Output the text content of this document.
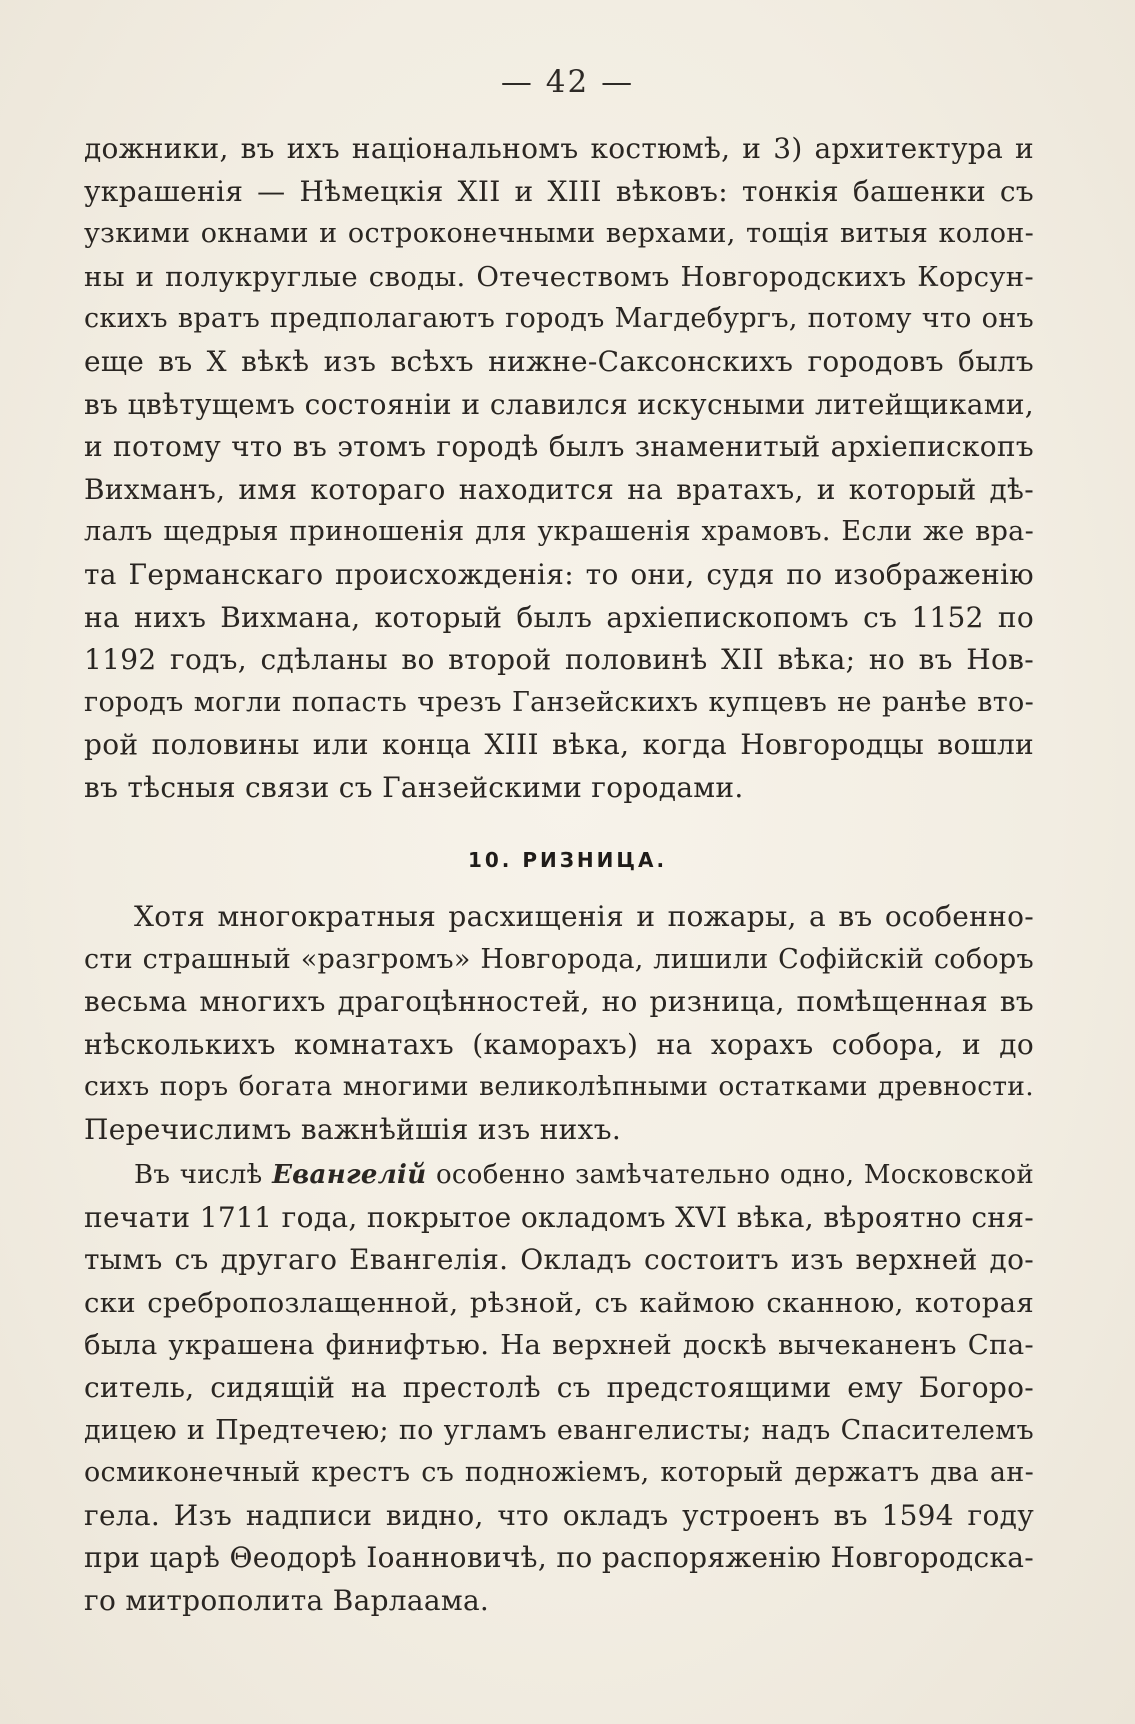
— 42 —
дожники, въ ихъ національномъ костюмѣ, и 3) архитектура и
украшенія — Нѣмецкія XII и XIII вѣковъ: тонкія башенки съ
узкими окнами и остроконечными верхами, тощія витыя колон-
ны и полукруглые своды. Отечествомъ Новгородскихъ Корсун-
скихъ вратъ предполагаютъ городъ Магдебургъ, потому что онъ
еще въ X вѣкѣ изъ всѣхъ нижне-Саксонскихъ городовъ былъ
въ цвѣтущемъ состояніи и славился искусными литейщиками,
и потому что въ этомъ городѣ былъ знаменитый архіепископъ
Вихманъ, имя котораго находится на вратахъ, и который дѣ-
лалъ щедрыя приношенія для украшенія храмовъ. Если же вра-
та Германскаго происхожденія: то они, судя по изображенію
на нихъ Вихмана, который былъ архіепископомъ съ 1152 по
1192 годъ, сдѣланы во второй половинѣ XII вѣка; но въ Нов-
городъ могли попасть чрезъ Ганзейскихъ купцевъ не ранѣе вто-
рой половины или конца XIII вѣка, когда Новгородцы вошли
въ тѣсныя связи съ Ганзейскими городами.
10. РИЗНИЦА.
Хотя многократныя расхищенія и пожары, а въ особенно-
сти страшный «разгромъ» Новгорода, лишили Софійскій соборъ
весьма многихъ драгоцѣнностей, но ризница, помѣщенная въ
нѣсколькихъ комнатахъ (каморахъ) на хорахъ собора, и до
сихъ поръ богата многими великолѣпными остатками древности.
Перечислимъ важнѣйшія изъ нихъ.
Въ числѣ Евангелій особенно замѣчательно одно, Московской
печати 1711 года, покрытое окладомъ XVI вѣка, вѣроятно сня-
тымъ съ другаго Евангелія. Окладъ состоитъ изъ верхней до-
ски сребропозлащенной, рѣзной, съ каймою сканною, которая
была украшена финифтью. На верхней доскѣ вычеканенъ Спа-
ситель, сидящій на престолѣ съ предстоящими ему Богоро-
дицею и Предтечею; по угламъ евангелисты; надъ Спасителемъ
осмиконечный крестъ съ подножіемъ, который держатъ два ан-
гела. Изъ надписи видно, что окладъ устроенъ въ 1594 году
при царѣ Θеодорѣ Іоанновичѣ, по распоряженію Новгородска-
го митрополита Варлаама.
